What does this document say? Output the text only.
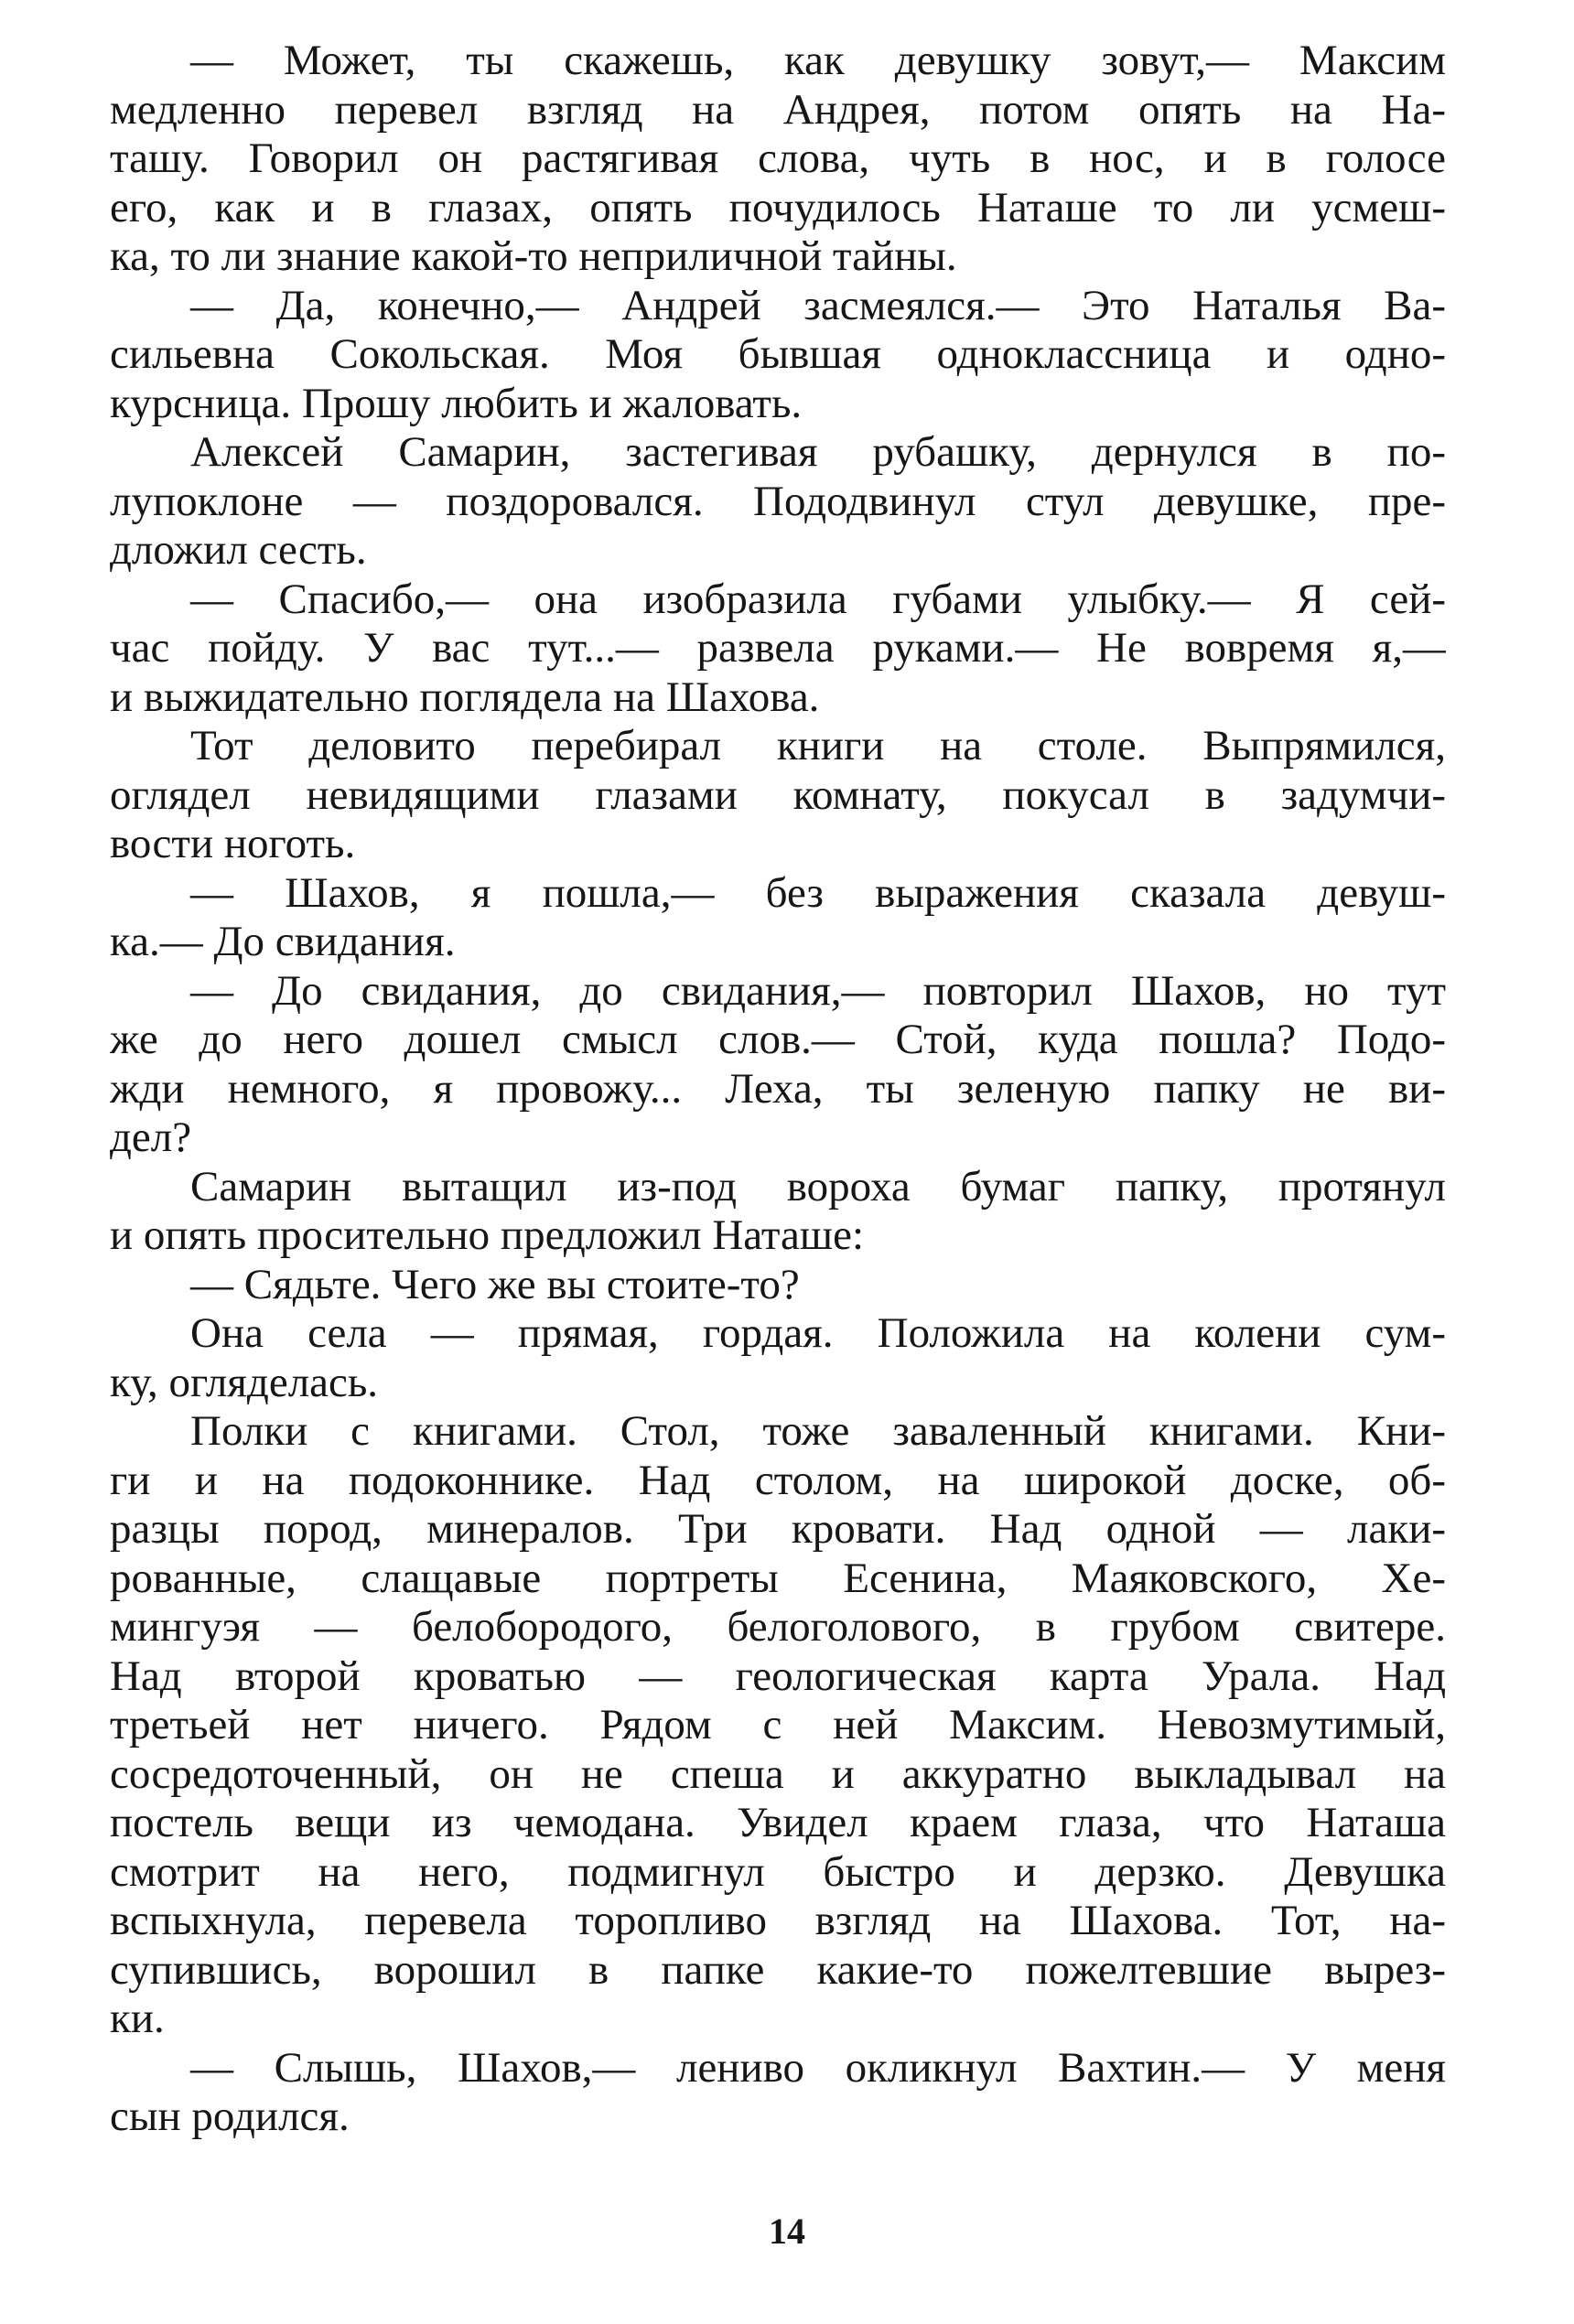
— Может, ты скажешь, как девушку зовут,— Максим
медленно перевел взгляд на Андрея, потом опять на На-
ташу. Говорил он растягивая слова, чуть в нос, и в голосе
его, как и в глазах, опять почудилось Наташе то ли усмеш-
ка, то ли знание какой-то неприличной тайны.
— Да, конечно,— Андрей засмеялся.— Это Наталья Ва-
сильевна Сокольская. Моя бывшая одноклассница и одно-
курсница. Прошу любить и жаловать.
Алексей Самарин, застегивая рубашку, дернулся в по-
лупоклоне — поздоровался. Пододвинул стул девушке, пре-
дложил сесть.
— Спасибо,— она изобразила губами улыбку.— Я сей-
час пойду. У вас тут...— развела руками.— Не вовремя я,—
и выжидательно поглядела на Шахова.
Тот деловито перебирал книги на столе. Выпрямился,
оглядел невидящими глазами комнату, покусал в задумчи-
вости ноготь.
— Шахов, я пошла,— без выражения сказала девуш-
ка.— До свидания.
— До свидания, до свидания,— повторил Шахов, но тут
же до него дошел смысл слов.— Стой, куда пошла? Подо-
жди немного, я провожу... Леха, ты зеленую папку не ви-
дел?
Самарин вытащил из-под вороха бумаг папку, протянул
и опять просительно предложил Наташе:
— Сядьте. Чего же вы стоите-то?
Она села — прямая, гордая. Положила на колени сум-
ку, огляделась.
Полки с книгами. Стол, тоже заваленный книгами. Кни-
ги и на подоконнике. Над столом, на широкой доске, об-
разцы пород, минералов. Три кровати. Над одной — лаки-
рованные, слащавые портреты Есенина, Маяковского, Хе-
мингуэя — белобородого, белоголового, в грубом свитере.
Над второй кроватью — геологическая карта Урала. Над
третьей нет ничего. Рядом с ней Максим. Невозмутимый,
сосредоточенный, он не спеша и аккуратно выкладывал на
постель вещи из чемодана. Увидел краем глаза, что Наташа
смотрит на него, подмигнул быстро и дерзко. Девушка
вспыхнула, перевела торопливо взгляд на Шахова. Тот, на-
супившись, ворошил в папке какие-то пожелтевшие вырез-
ки.
— Слышь, Шахов,— лениво окликнул Вахтин.— У меня
сын родился.
14
